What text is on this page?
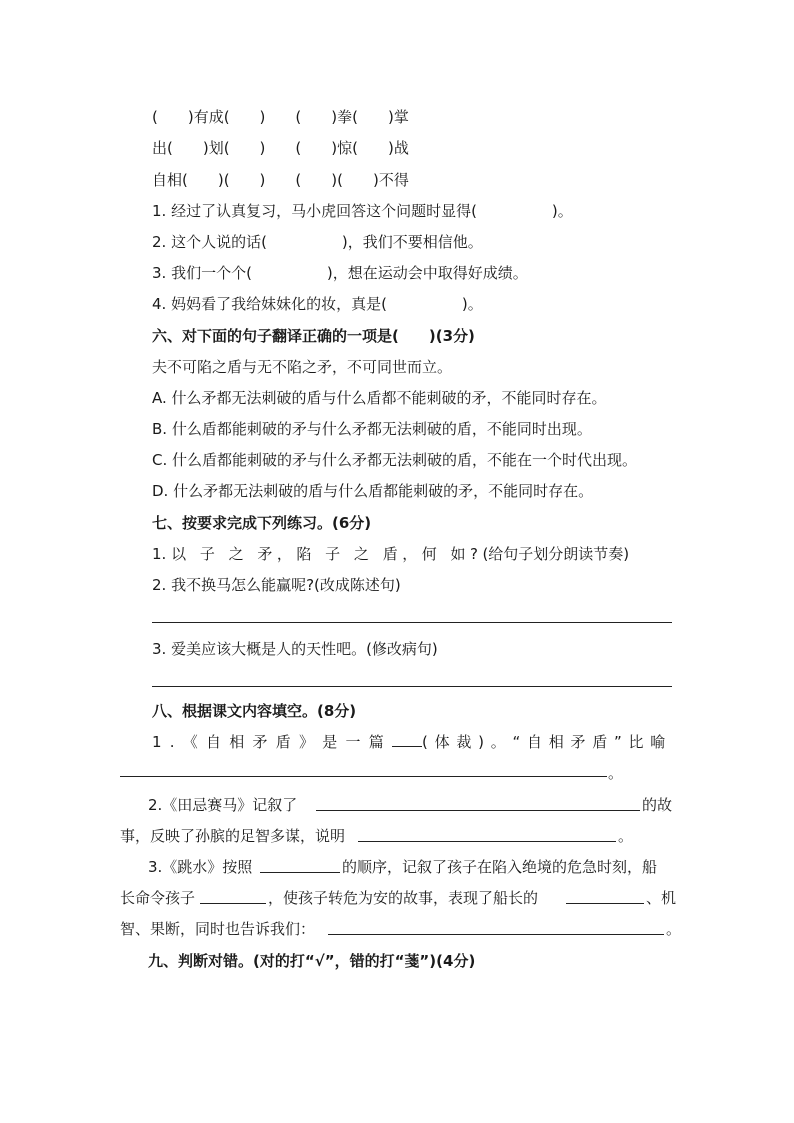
(　　)有成(　　)　　(　　)拳(　　)掌
出(　　)划(　　)　　(　　)惊(　　)战
自相(　　)(　　)　　(　　)(　　)不得
1. 经过了认真复习，马小虎回答这个问题时显得(　　　　　)。
2. 这个人说的话(　　　　　)，我们不要相信他。
3. 我们一个个(　　　　　)，想在运动会中取得好成绩。
4. 妈妈看了我给妹妹化的妆，真是(　　　　　)。
六、对下面的句子翻译正确的一项是(　　)(3分)
夫不可陷之盾与无不陷之矛，不可同世而立。
A. 什么矛都无法刺破的盾与什么盾都不能刺破的矛，不能同时存在。
B. 什么盾都能刺破的矛与什么矛都无法刺破的盾，不能同时出现。
C. 什么盾都能刺破的矛与什么矛都无法刺破的盾，不能在一个时代出现。
D. 什么矛都无法刺破的盾与什么盾都能刺破的矛，不能同时存在。
七、按要求完成下列练习。(6分)
1. 以 子 之 矛，陷 子 之 盾，何 如?(给句子划分朗读节奏)
2. 我不换马怎么能赢呢?(改成陈述句)
3. 爱美应该大概是人的天性吧。(修改病句)
八、根据课文内容填空。(8分)
1.《自相矛盾》是一篇 (体裁)。“自相矛盾”比喻
。
2.《田忌赛马》记叙了	的故
事，反映了孙膑的足智多谋，说明	。
3.《跳水》按照	的顺序，记叙了孩子在陷入绝境的危急时刻，船
长命令孩子	，使孩子转危为安的故事，表现了船长的	、机
智、果断，同时也告诉我们：	。
九、判断对错。(对的打“√”，错的打“菚”)(4分)
